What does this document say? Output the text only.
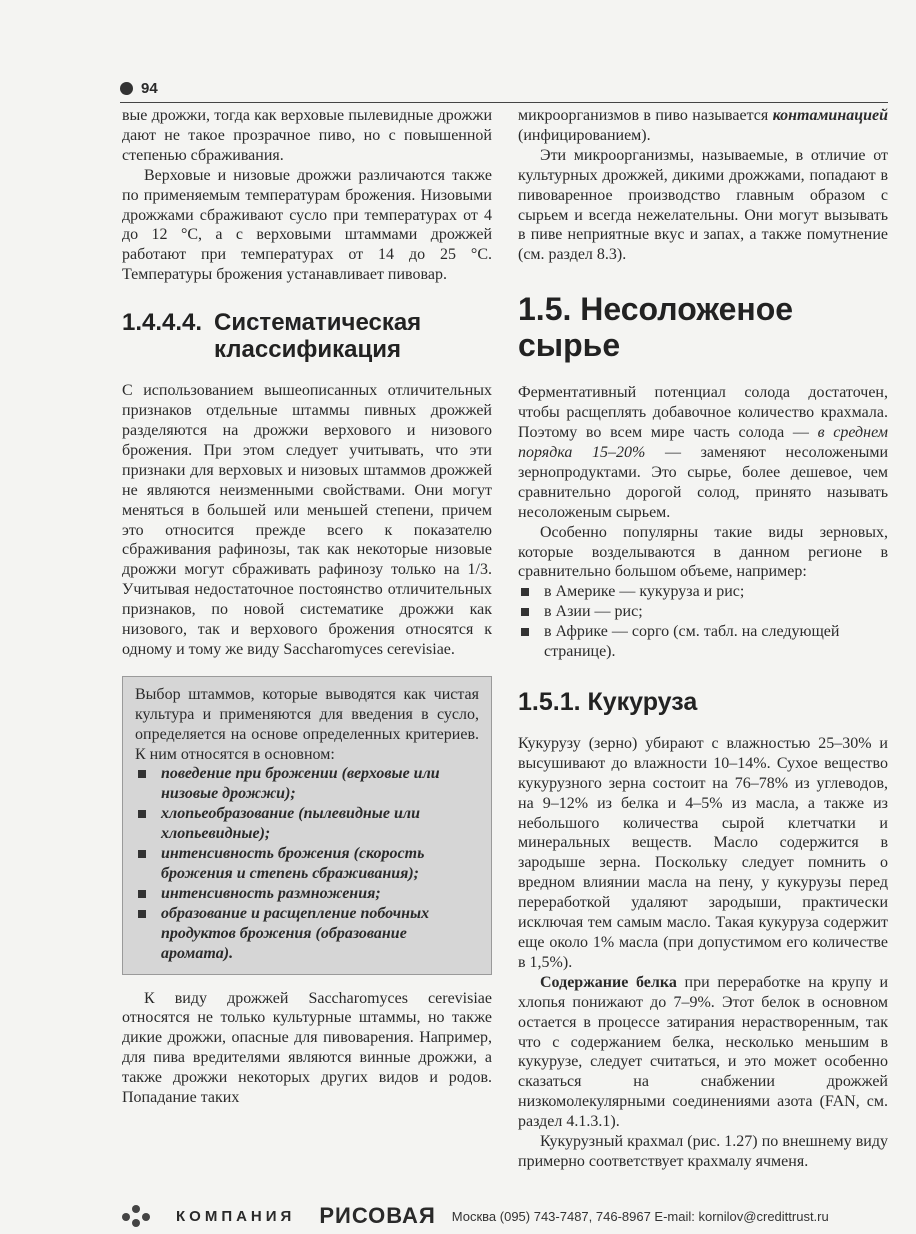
94

вые дрожжи, тогда как верховые пылевидные дрожжи дают не такое прозрачное пиво, но с повышенной степенью сбраживания.

Верховые и низовые дрожжи различаются также по применяемым температурам брожения. Низовыми дрожжами сбраживают сусло при температурах от 4 до 12 °С, а с верховыми штаммами дрожжей работают при температурах от 14 до 25 °С. Температуры брожения устанавливает пивовар.

1.4.4.4. Систематическая
классификация

С использованием вышеописанных отличительных признаков отдельные штаммы пивных дрожжей разделяются на дрожжи верхового и низового брожения. При этом следует учитывать, что эти признаки для верховых и низовых штаммов дрожжей не являются неизменными свойствами. Они могут меняться в большей или меньшей степени, причем это относится прежде всего к показателю сбраживания рафинозы, так как некоторые низовые дрожжи могут сбраживать рафинозу только на 1/3. Учитывая недостаточное постоянство отличительных признаков, по новой систематике дрожжи как низового, так и верхового брожения относятся к одному и тому же виду Saccharomyces cerevisiae.

Выбор штаммов, которые выводятся как чистая культура и применяются для введения в сусло, определяется на основе определенных критериев. К ним относятся в основном:

поведение при брожении (верховые или низовые дрожжи);
хлопьеобразование (пылевидные или хлопьевидные);
интенсивность брожения (скорость брожения и степень сбраживания);
интенсивность размножения;
образование и расщепление побочных продуктов брожения (образование аромата).

К виду дрожжей Saccharomyces cerevisiae относятся не только культурные штаммы, но также дикие дрожжи, опасные для пивоварения. Например, для пива вредителями являются винные дрожжи, а также дрожжи некоторых других видов и родов. Попадание таких

микроорганизмов в пиво называется контаминацией (инфицированием).

Эти микроорганизмы, называемые, в отличие от культурных дрожжей, дикими дрожжами, попадают в пивоваренное производство главным образом с сырьем и всегда нежелательны. Они могут вызывать в пиве неприятные вкус и запах, а также помутнение (см. раздел 8.3).

1.5. Несоложеное сырье

Ферментативный потенциал солода достаточен, чтобы расщеплять добавочное количество крахмала. Поэтому во всем мире часть солода — в среднем порядка 15–20% — заменяют несоложеными зернопродуктами. Это сырье, более дешевое, чем сравнительно дорогой солод, принято называть несоложеным сырьем.

Особенно популярны такие виды зерновых, которые возделываются в данном регионе в сравнительно большом объеме, например:

в Америке — кукуруза и рис;
в Азии — рис;
в Африке — сорго (см. табл. на следующей странице).
1.5.1. Кукуруза

Кукурузу (зерно) убирают с влажностью 25–30% и высушивают до влажности 10–14%. Сухое вещество кукурузного зерна состоит на 76–78% из углеводов, на 9–12% из белка и 4–5% из масла, а также из небольшого количества сырой клетчатки и минеральных веществ. Масло содержится в зародыше зерна. Поскольку следует помнить о вредном влиянии масла на пену, у кукурузы перед переработкой удаляют зародыши, практически исключая тем самым масло. Такая кукуруза содержит еще около 1% масла (при допустимом его количестве в 1,5%).

Содержание белка при переработке на крупу и хлопья понижают до 7–9%. Этот белок в основном остается в процессе затирания нерастворенным, так что с содержанием белка, несколько меньшим в кукурузе, следует считаться, и это может особенно сказаться на снабжении дрожжей низкомолекулярными соединениями азота (FAN, см. раздел 4.1.3.1).

Кукурузный крахмал (рис. 1.27) по внешнему виду примерно соответствует крахмалу ячменя.

КОМПАНИЯ РИСОВАЯ Москва (095) 743-7487, 746-8967 E-mail: kornilov@credittrust.ru
